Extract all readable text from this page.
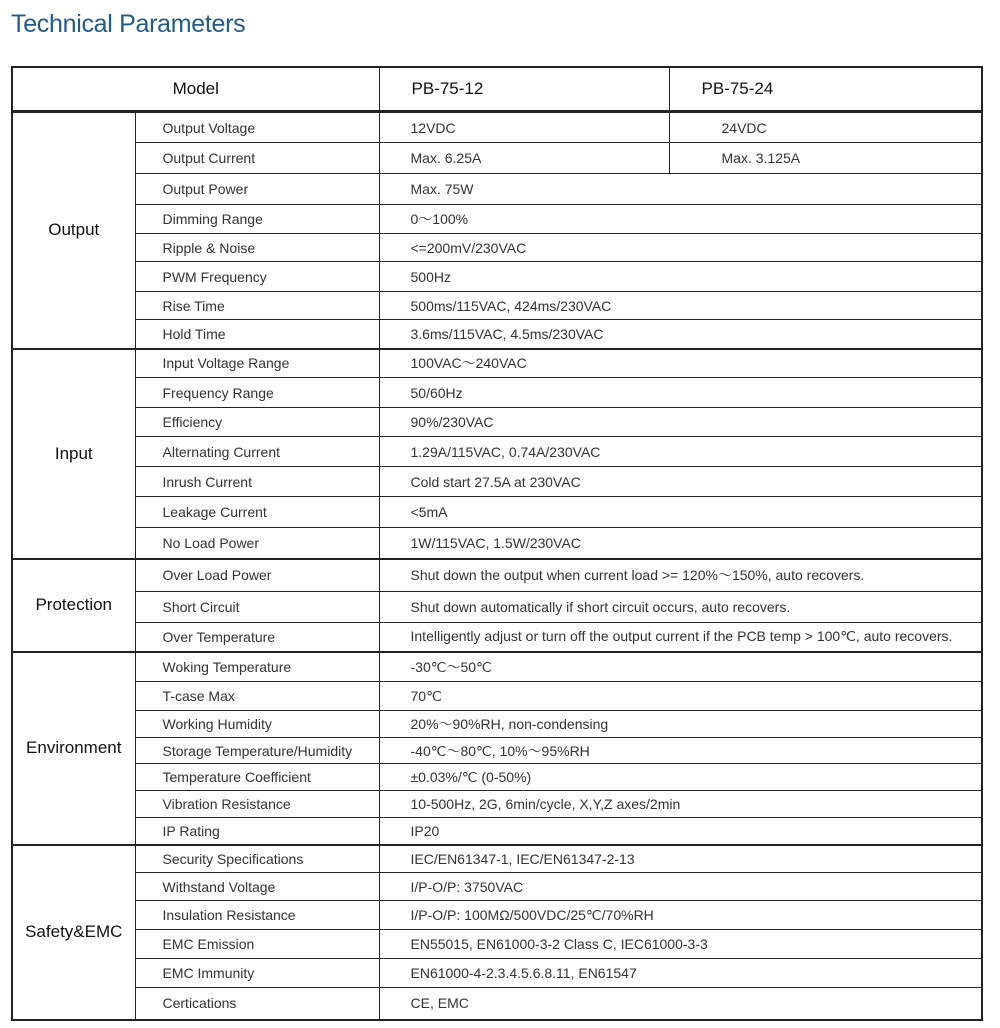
Technical Parameters
Model		PB-75-12	PB-75-24
Output	Output Voltage	12VDC	24VDC
	Output Current	Max. 6.25A	Max. 3.125A
	Output Power	Max. 75W	
	Dimming Range	0～100%	
	Ripple & Noise	<=200mV/230VAC	
	PWM Frequency	500Hz	
	Rise Time	500ms/115VAC, 424ms/230VAC	
	Hold Time	3.6ms/115VAC, 4.5ms/230VAC	
Input	Input Voltage Range	100VAC～240VAC	
	Frequency Range	50/60Hz	
	Efficiency	90%/230VAC	
	Alternating Current	1.29A/115VAC, 0.74A/230VAC	
	Inrush Current	Cold start 27.5A at 230VAC	
	Leakage Current	<5mA	
	No Load Power	1W/115VAC, 1.5W/230VAC	
Protection	Over Load Power	Shut down the output when current load >= 120%～150%, auto recovers.	
	Short Circuit	Shut down automatically if short circuit occurs, auto recovers.	
	Over Temperature	Intelligently adjust or turn off the output current if the PCB temp > 100℃, auto recovers.	
Environment	Woking Temperature	-30℃～50℃	
	T-case Max	70℃	
	Working Humidity	20%～90%RH, non-condensing	
	Storage Temperature/Humidity	-40℃～80℃, 10%～95%RH	
	Temperature Coefficient	±0.03%/℃ (0-50%)	
	Vibration Resistance	10-500Hz, 2G, 6min/cycle, X,Y,Z axes/2min	
	IP Rating	IP20	
Safety&EMC	Security Specifications	IEC/EN61347-1, IEC/EN61347-2-13	
	Withstand Voltage	I/P-O/P: 3750VAC	
	Insulation Resistance	I/P-O/P: 100MΩ/500VDC/25℃/70%RH	
	EMC Emission	EN55015, EN61000-3-2 Class C, IEC61000-3-3	
	EMC Immunity	EN61000-4-2.3.4.5.6.8.11, EN61547	
	Certications	CE, EMC	
